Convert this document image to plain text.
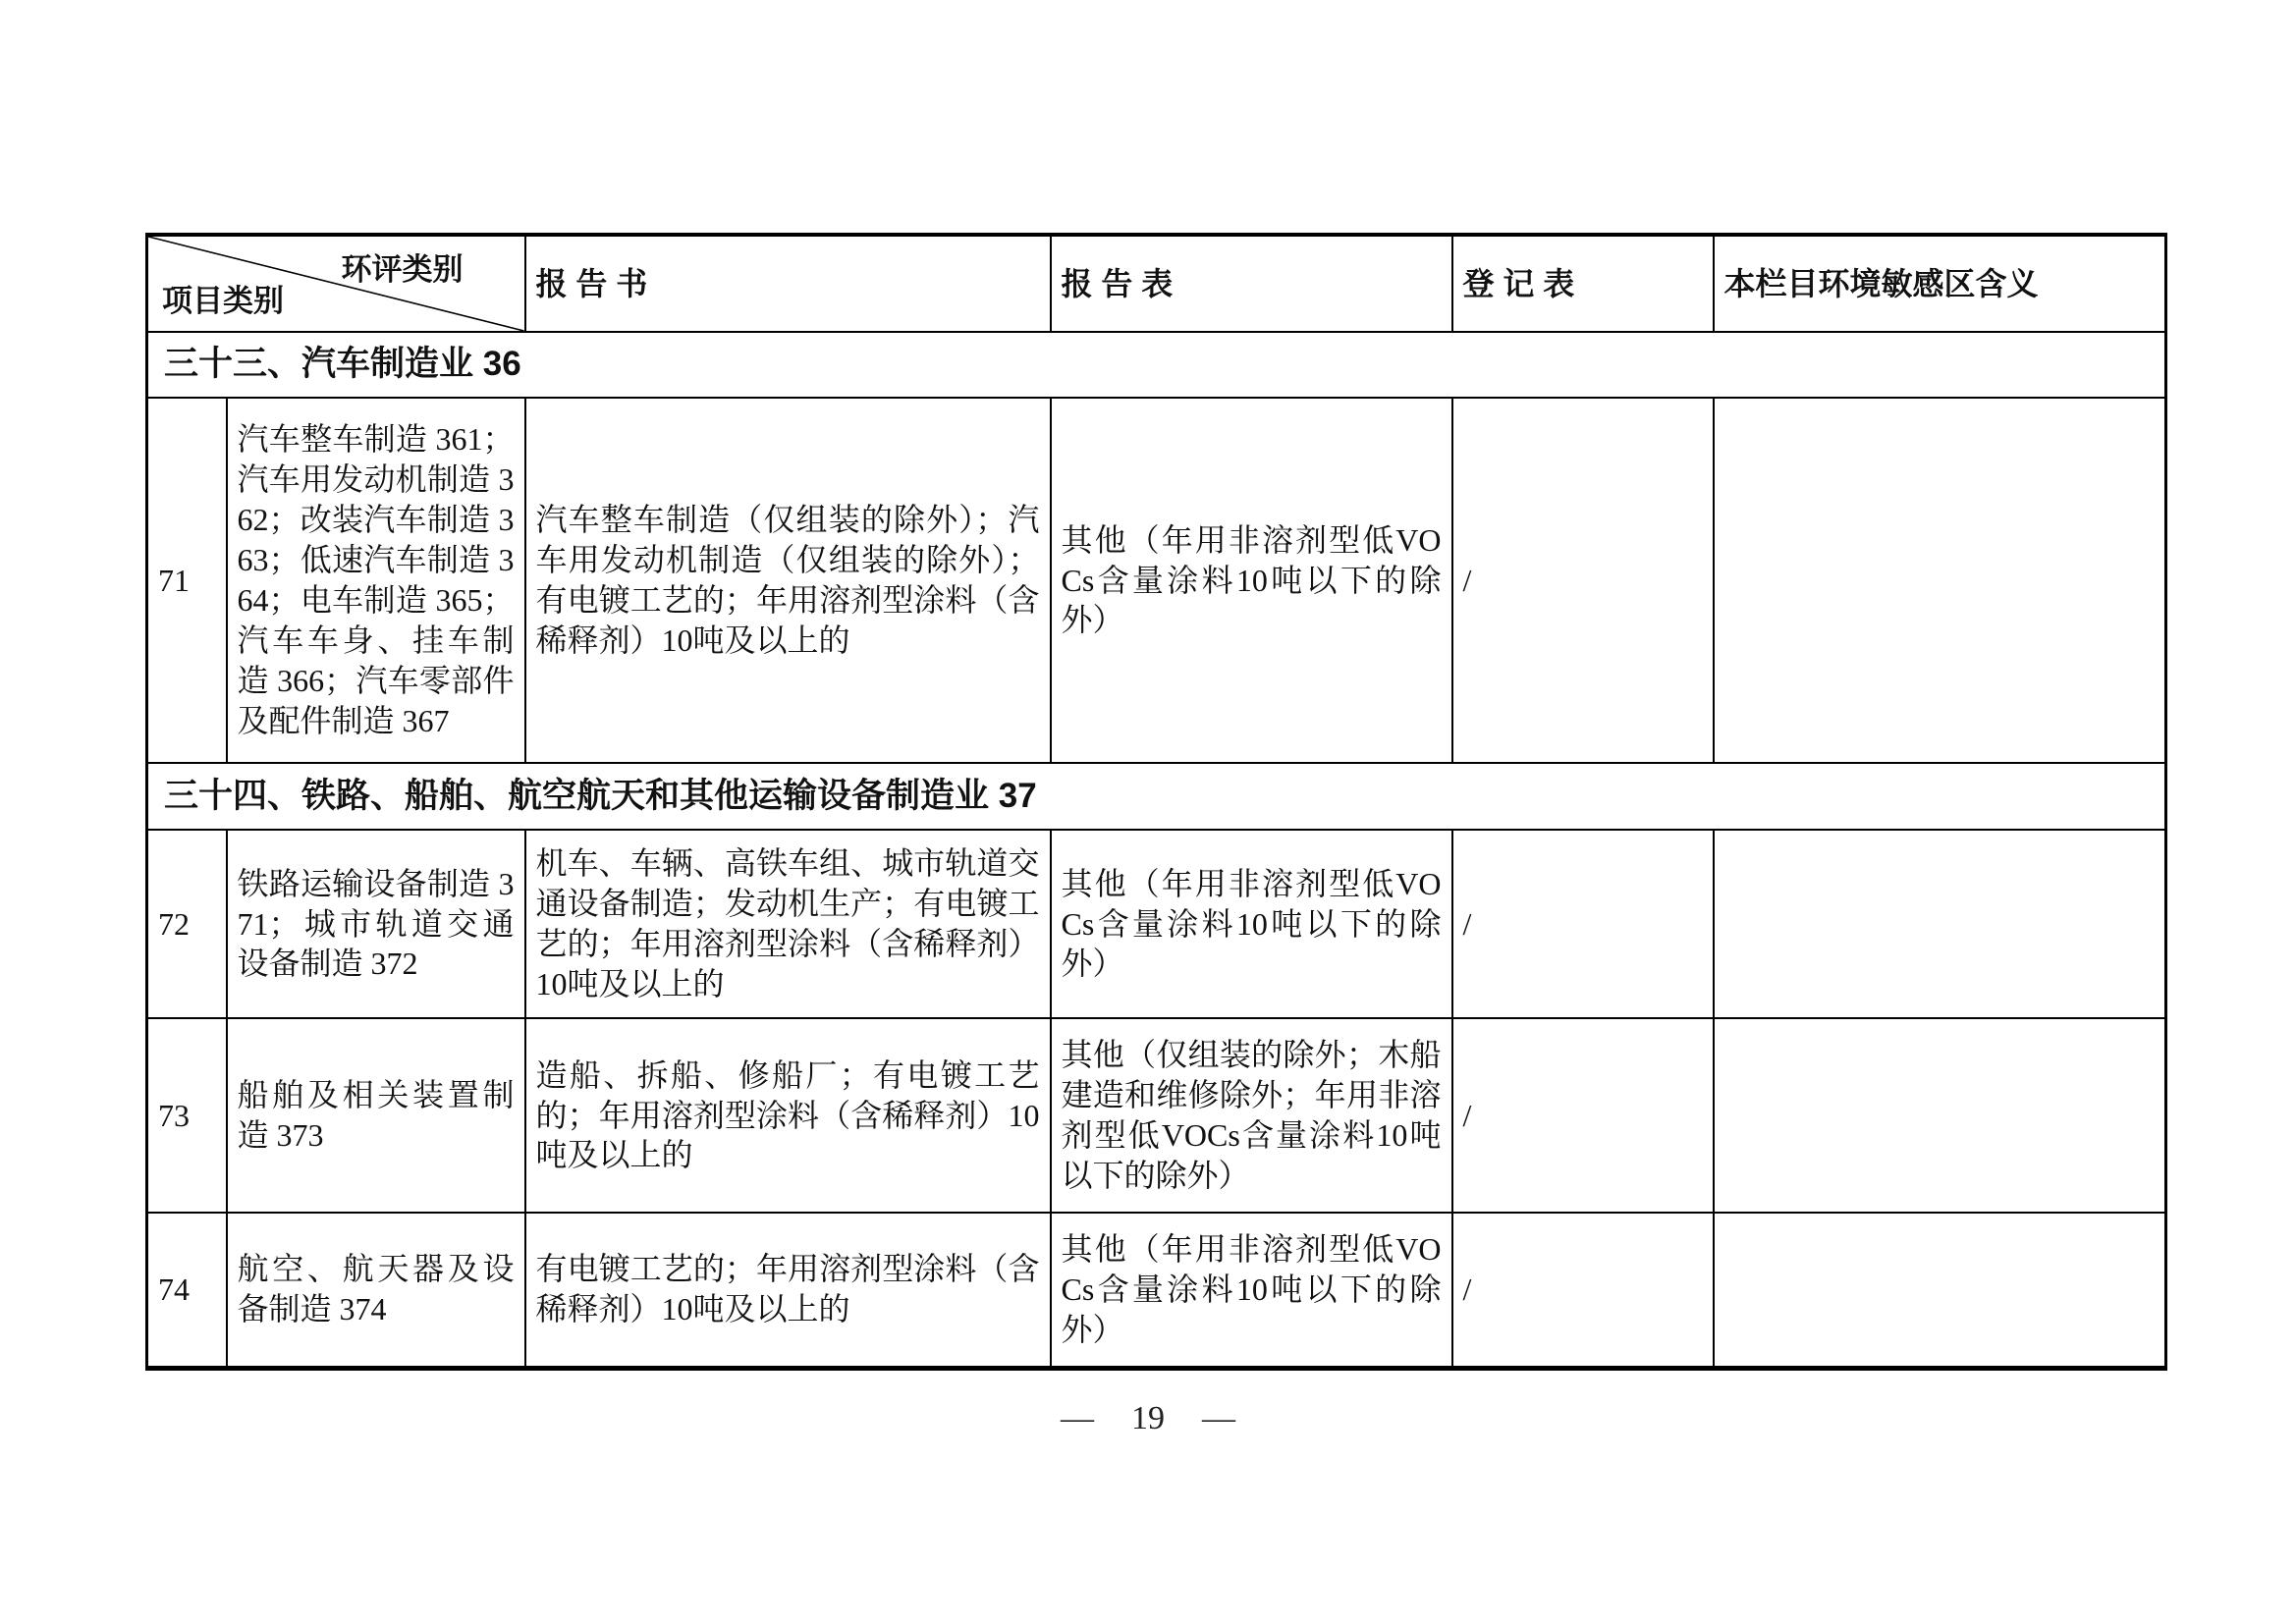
环评类别
项目类别		报 告 书	报 告 表	登 记 表	本栏目环境敏感区含义
三十三、汽车制造业 36					
71	汽车整车制造 361；汽车用发动机制造 362；改装汽车制造 363；低速汽车制造 364；电车制造 365；汽车车身、挂车制造 366；汽车零部件及配件制造 367	汽车整车制造（仅组装的除外）；汽车用发动机制造（仅组装的除外）；有电镀工艺的；年用溶剂型涂料（含稀释剂）10吨及以上的	其他（年用非溶剂型低VOCs含量涂料10吨以下的除外）	/	
三十四、铁路、船舶、航空航天和其他运输设备制造业 37					
72	铁路运输设备制造 371；城市轨道交通设备制造 372	机车、车辆、高铁车组、城市轨道交通设备制造；发动机生产；有电镀工艺的；年用溶剂型涂料（含稀释剂）10吨及以上的	其他（年用非溶剂型低VOCs含量涂料10吨以下的除外）	/	
73	船舶及相关装置制造 373	造船、拆船、修船厂；有电镀工艺的；年用溶剂型涂料（含稀释剂）10吨及以上的	其他（仅组装的除外；木船建造和维修除外；年用非溶剂型低VOCs含量涂料10吨以下的除外）	/	
74	航空、航天器及设备制造 374	有电镀工艺的；年用溶剂型涂料（含稀释剂）10吨及以上的	其他（年用非溶剂型低VOCs含量涂料10吨以下的除外）	/	
— 19 —
